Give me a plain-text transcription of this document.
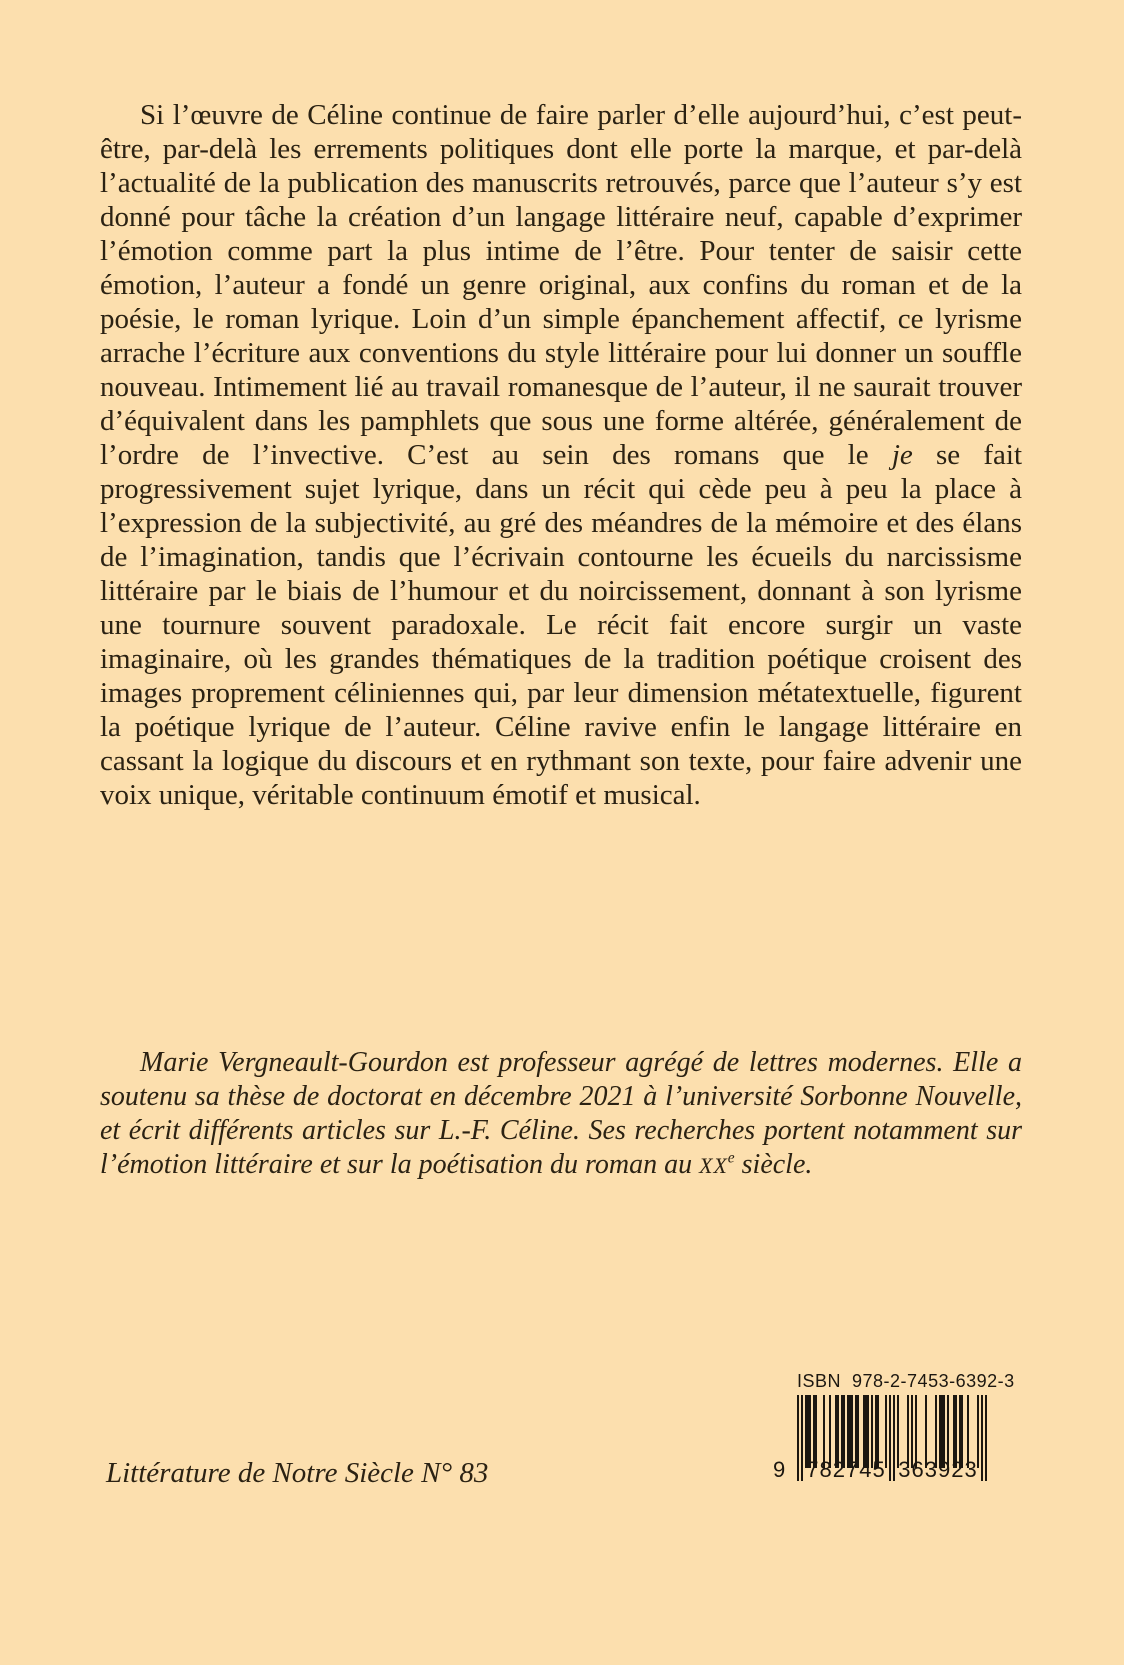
Si l’œuvre de Céline continue de faire parler d’elle aujourd’hui, c’est peut-être, par-delà les errements politiques dont elle porte la marque, et par-delà l’actualité de la publication des manuscrits retrouvés, parce que l’auteur s’y est donné pour tâche la création d’un langage littéraire neuf, capable d’exprimer l’émotion comme part la plus intime de l’être. Pour tenter de saisir cette émotion, l’auteur a fondé un genre original, aux confins du roman et de la poésie, le roman lyrique. Loin d’un simple épanchement affectif, ce lyrisme arrache l’écriture aux conventions du style littéraire pour lui donner un souffle nouveau. Intimement lié au travail romanesque de l’auteur, il ne saurait trouver d’équivalent dans les pamphlets que sous une forme altérée, généralement de l’ordre de l’invective. C’est au sein des romans que le je se fait progressivement sujet lyrique, dans un récit qui cède peu à peu la place à l’expression de la subjectivité, au gré des méandres de la mémoire et des élans de l’imagination, tandis que l’écrivain contourne les écueils du narcissisme littéraire par le biais de l’humour et du noircissement, donnant à son lyrisme une tournure souvent paradoxale. Le récit fait encore surgir un vaste imaginaire, où les grandes thématiques de la tradition poétique croisent des images proprement céliniennes qui, par leur dimension métatextuelle, figurent la poétique lyrique de l’auteur. Céline ravive enfin le langage littéraire en cassant la logique du discours et en rythmant son texte, pour faire advenir une voix unique, véritable continuum émotif et musical.

Marie Vergneault-Gourdon est professeur agrégé de lettres modernes. Elle a soutenu sa thèse de doctorat en décembre 2021 à l’université Sorbonne Nouvelle, et écrit différents articles sur L.-F. Céline. Ses recherches portent notamment sur l’émotion littéraire et sur la poétisation du roman au XXe siècle.

Littérature de Notre Siècle N° 83

ISBN  978-2-7453-6392-3
9 782745 363923
